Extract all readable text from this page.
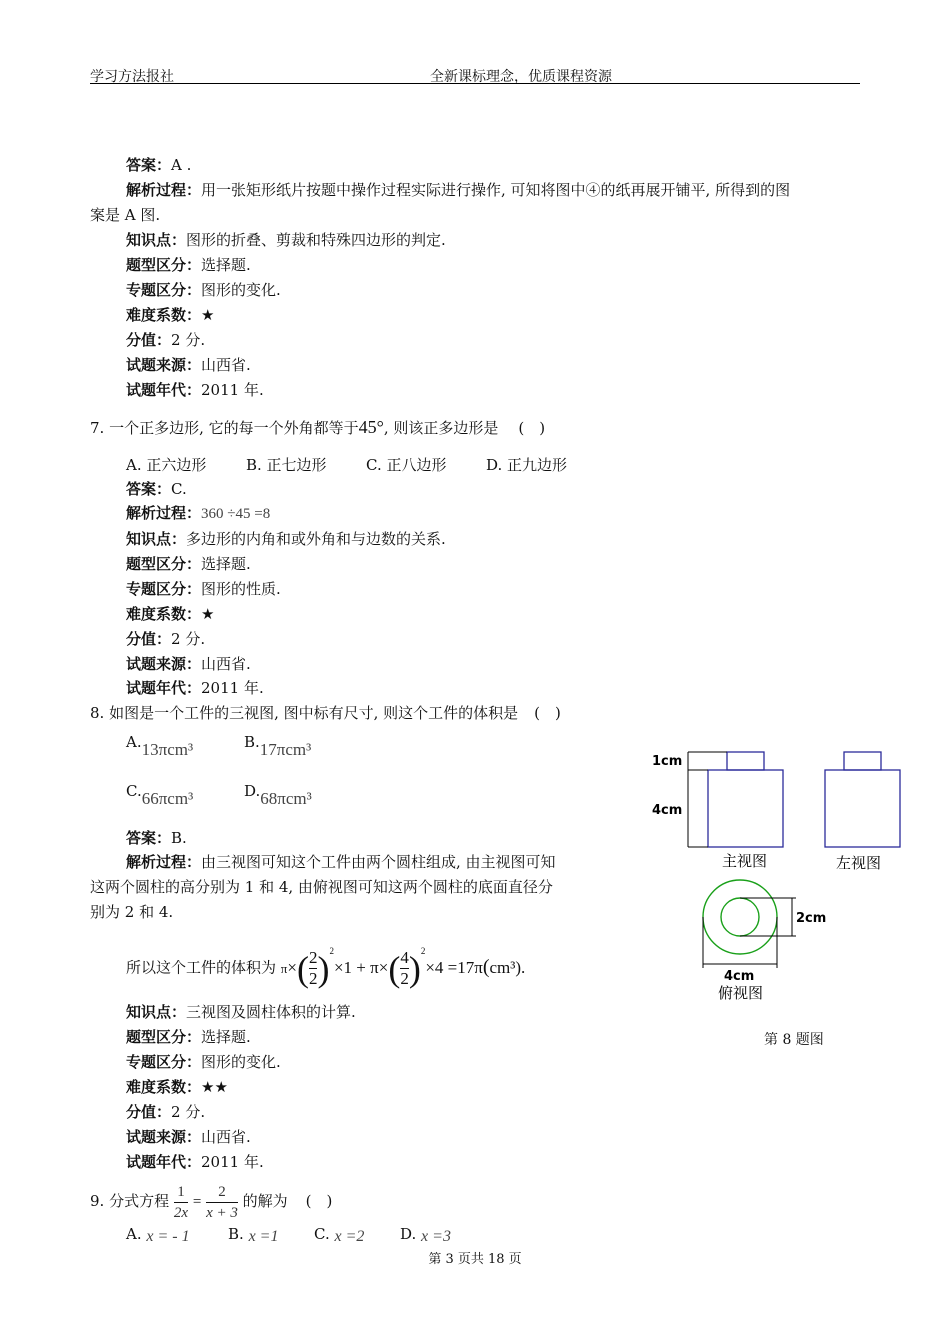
学习方法报社	全新课标理念，优质课程资源
答案：A .
解析过程：用一张矩形纸片按题中操作过程实际进行操作, 可知将图中④的纸再展开铺平, 所得到的图
案是 A 图.
知识点：图形的折叠、剪裁和特殊四边形的判定.
题型区分：选择题.
专题区分：图形的变化.
难度系数：★
分值：2 分.
试题来源：山西省.
试题年代：2011 年.
7. 一个正多边形, 它的每一个外角都等于45°, 则该正多边形是 (　)
A. 正六边形	B. 正七边形	C. 正八边形	D. 正九边形
答案：C.
解析过程：360 ÷45 =8
知识点：多边形的内角和或外角和与边数的关系.
题型区分：选择题.
专题区分：图形的性质.
难度系数：★
分值：2 分.
试题来源：山西省.
试题年代：2011 年.
8. 如图是一个工件的三视图, 图中标有尺寸, 则这个工件的体积是 (　)
A.13πcm³	B.17πcm³
C.66πcm³	D.68πcm³
答案：B.
解析过程：由三视图可知这个工件由两个圆柱组成, 由主视图可知
这两个圆柱的高分别为 1 和 4, 由俯视图可知这两个圆柱的底面直径分
别为 2 和 4.
所以这个工件的体积为 $\pi\times( \frac{2}{2} )^2\times 1 + \pi\times( \frac{4}{2} )^2\times 4 =17\pi(cm^3)$.
知识点：三视图及圆柱体积的计算.
题型区分：选择题.
专题区分：图形的变化.
难度系数：★★
分值：2 分.
试题来源：山西省.
试题年代：2011 年.
1cm
4cm
主视图	左视图
2cm
4cm
俯视图
第 8 题图
9. 分式方程 $\frac{1}{2x} = \frac{2}{x + 3}$ 的解为 (　)
A. x = - 1	B. x =1 C. x =2 D. x =3
第 3 页共 18 页
